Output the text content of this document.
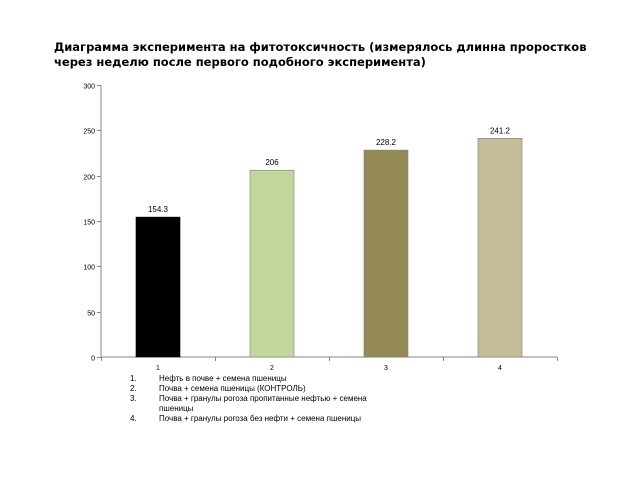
Диаграмма эксперимента на фитотоксичность (измерялось длинна проростков через неделю после первого подобного эксперимента)
0
50
100
150
200
250
300
154.3
1
206
2
228.2
3
241.2
4
1.	Нефть в почве + семена пшеницы
2.	Почва + семена пшеницы (КОНТРОЛЬ)
3.	Почва + гранулы рогоза пропитанные нефтью + семена пшеницы
4.	Почва + гранулы рогоза без нефти + семена пшеницы
